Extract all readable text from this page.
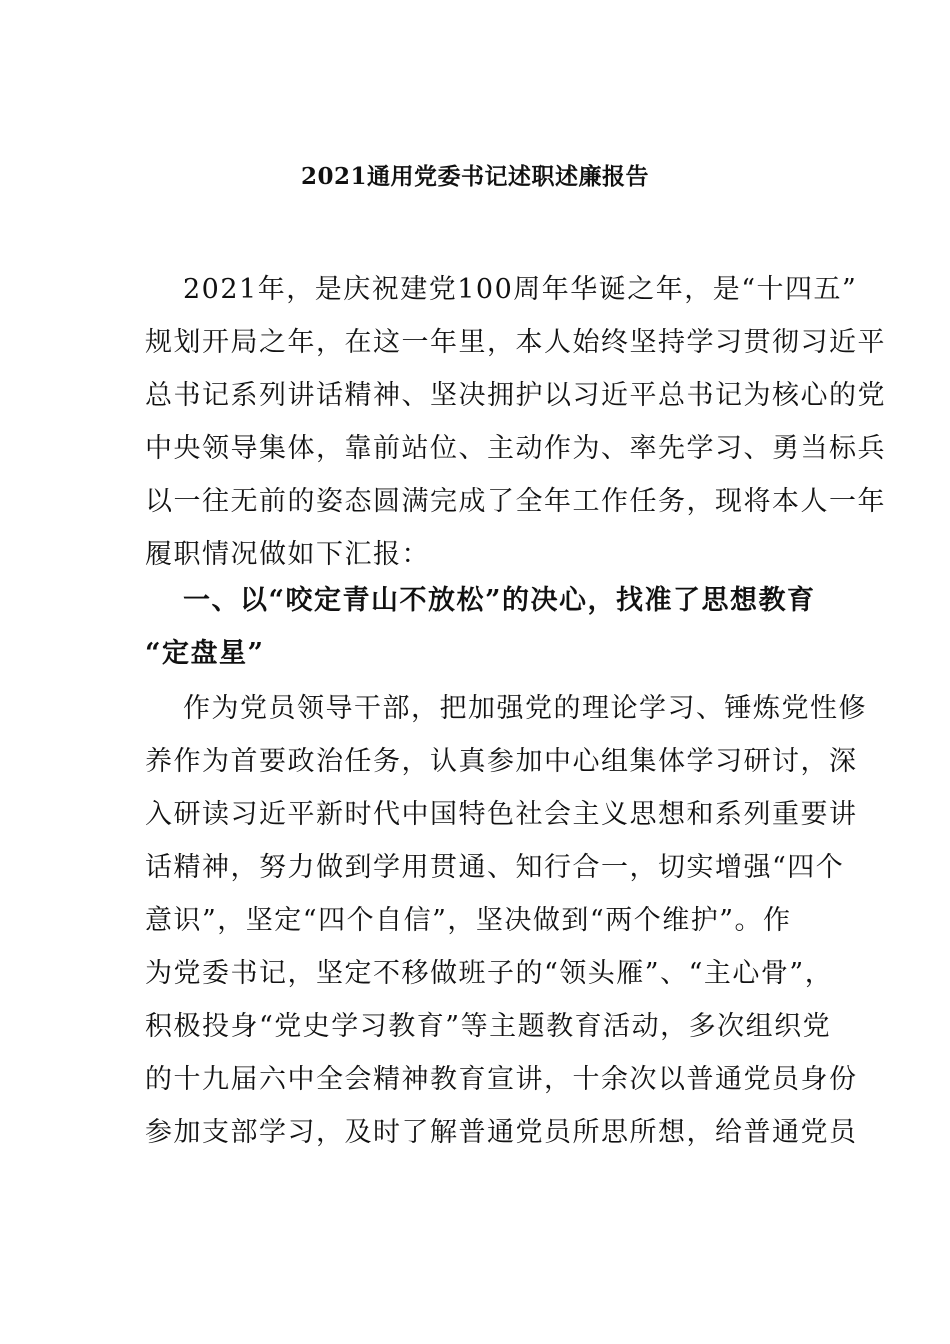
2021通用党委书记述职述廉报告
2021年，是庆祝建党100周年华诞之年，是“十四五”
规划开局之年，在这一年里，本人始终坚持学习贯彻习近平
总书记系列讲话精神、坚决拥护以习近平总书记为核心的党
中央领导集体，靠前站位、主动作为、率先学习、勇当标兵
以一往无前的姿态圆满完成了全年工作任务，现将本人一年
履职情况做如下汇报：
一、以“咬定青山不放松”的决心，找准了思想教育
“定盘星”
作为党员领导干部，把加强党的理论学习、锤炼党性修
养作为首要政治任务，认真参加中心组集体学习研讨，深
入研读习近平新时代中国特色社会主义思想和系列重要讲
话精神，努力做到学用贯通、知行合一，切实增强“四个
意识”，坚定“四个自信”，坚决做到“两个维护”。作
为党委书记，坚定不移做班子的“领头雁”、“主心骨”，
积极投身“党史学习教育”等主题教育活动，多次组织党
的十九届六中全会精神教育宣讲，十余次以普通党员身份
参加支部学习，及时了解普通党员所思所想，给普通党员
